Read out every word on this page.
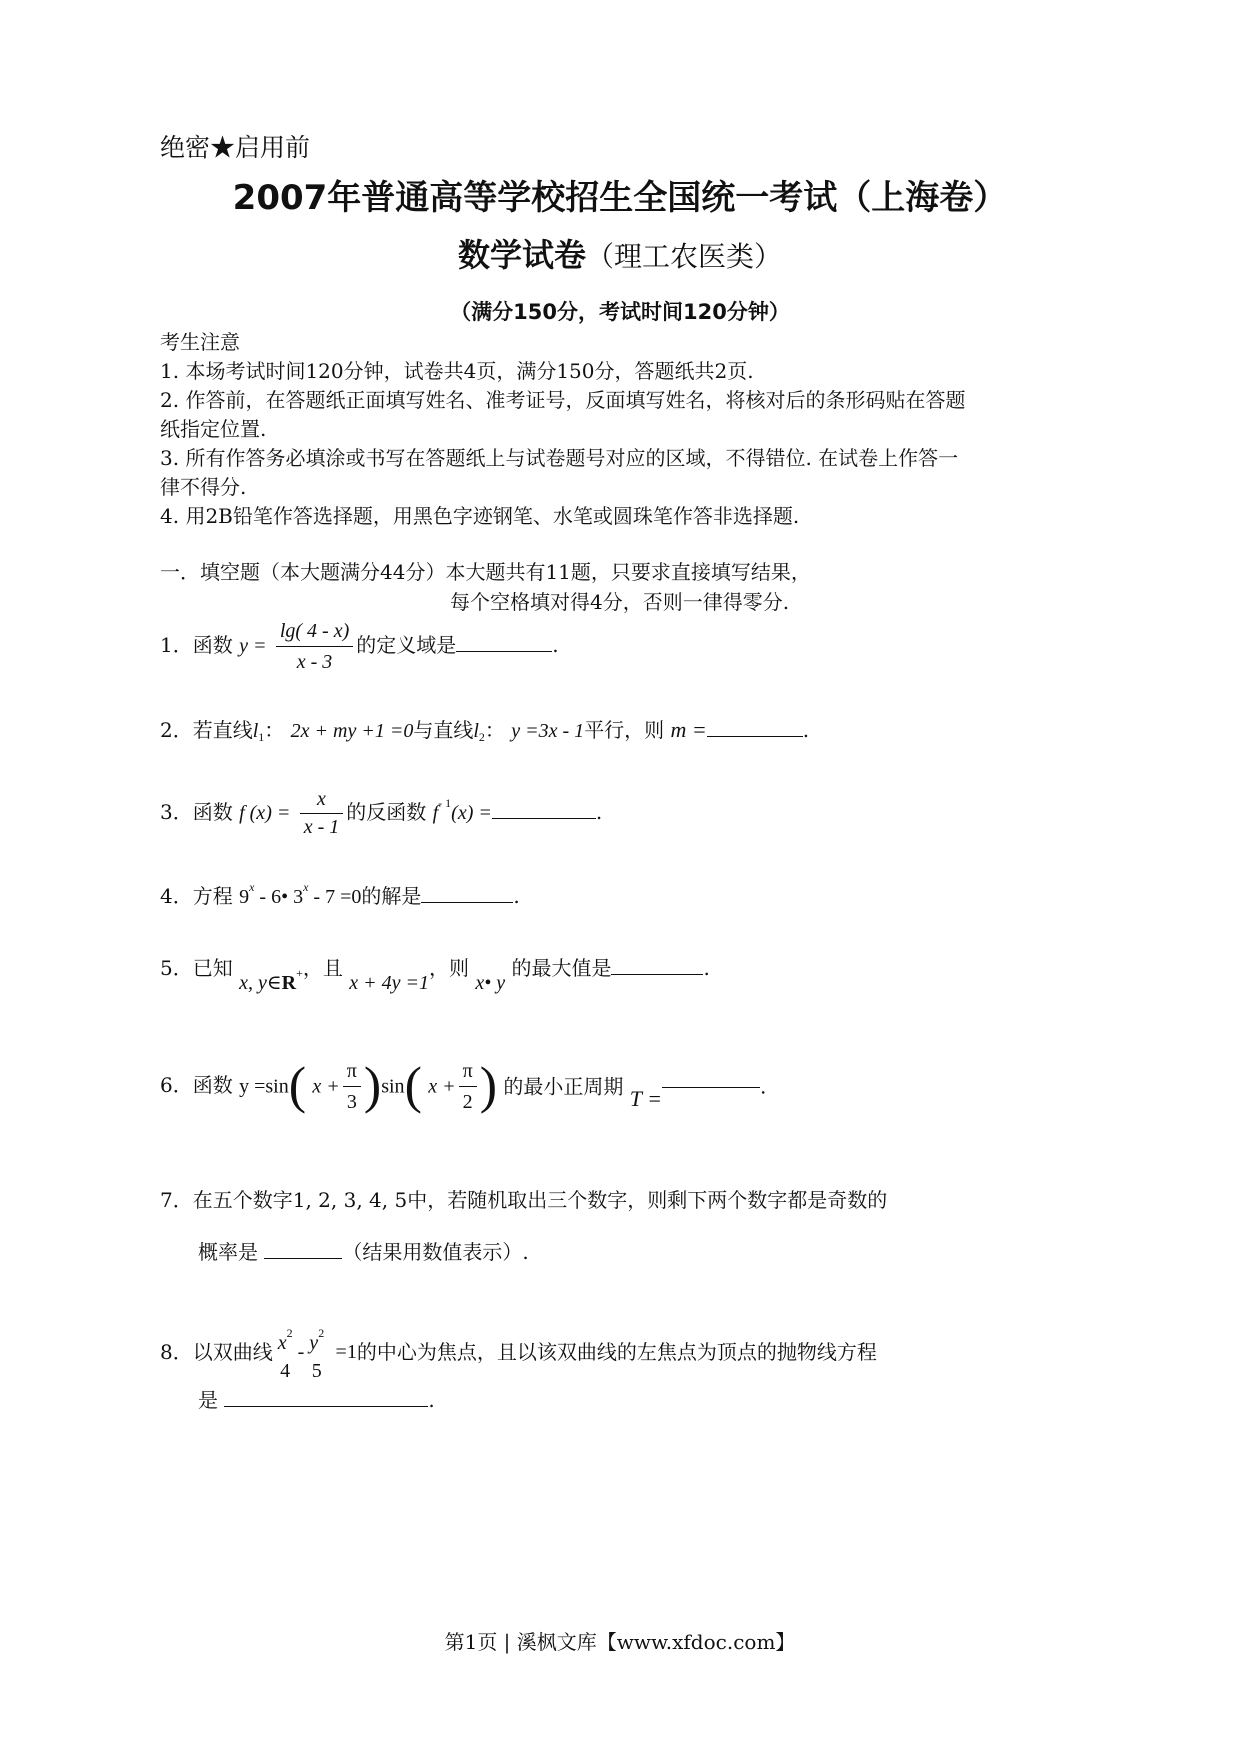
绝密★启用前
2007年普通高等学校招生全国统一考试（上海卷）
数学试卷（理工农医类）
（满分150分，考试时间120分钟）
考生注意
1. 本场考试时间120分钟，试卷共4页，满分150分，答题纸共2页.
2. 作答前，在答题纸正面填写姓名、准考证号，反面填写姓名，将核对后的条形码贴在答题
纸指定位置.
3. 所有作答务必填涂或书写在答题纸上与试卷题号对应的区域，不得错位. 在试卷上作答一
律不得分.
4. 用2B铅笔作答选择题，用黑色字迹钢笔、水笔或圆珠笔作答非选择题.
一．填空题（本大题满分44分）本大题共有11题，只要求直接填写结果，
每个空格填对得4分，否则一律得零分.
1．函数 $y = \frac{\lg( 4 - x)}{x - 3}$ 的定义域是	.
2．若直线$l_1$： 2x + my +1 =0与直线$l_2$： y =3x - 1平行，则 m =	.
3．函数 f $(x) = \frac{x}{x - 1}$ 的反函数 $f^{- 1}(x)$ =	.
4．方程 9$^x$ - 6• 3$^x$ - 7 =0的解是	.
5．已知 x, y∈R+，且 x + 4y =1，则 x• y 的最大值是	.
6．函数 y =sin( $x + \frac{\pi}{3} )\sin$( $x + \frac{\pi}{2}$ ) 的最小正周期 T =	.
7．在五个数字1, 2, 3, 4, 5中，若随机取出三个数字，则剩下两个数字都是奇数的
概率是	（结果用数值表示）.
8．以双曲线 $x^2$
4
- $y^2$
5
=1的中心为焦点，且以该双曲线的左焦点为顶点的抛物线方程
是	.
第1页 | 溪枫文库【www.xfdoc.com】
